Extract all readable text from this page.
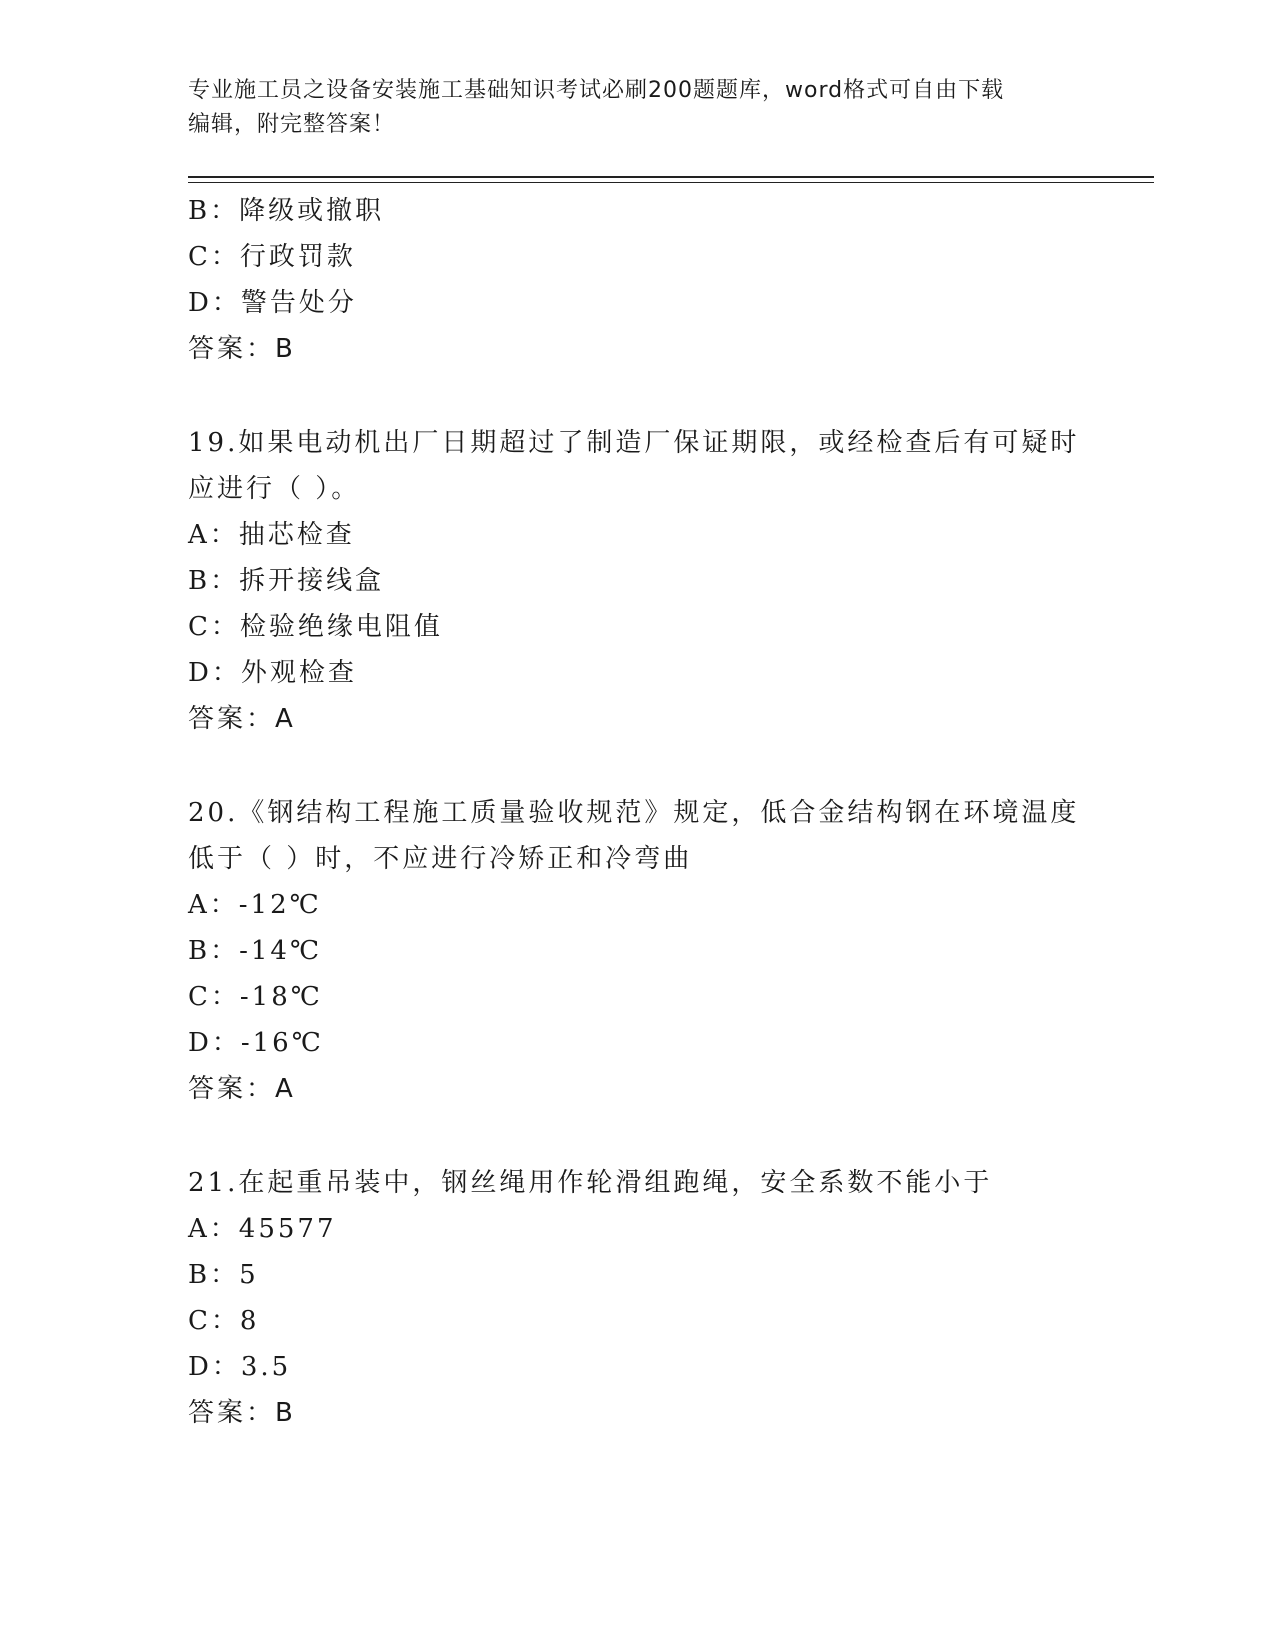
专业施工员之设备安装施工基础知识考试必刷200题题库，word格式可自由下载
编辑，附完整答案！
B：降级或撤职
C：行政罚款
D：警告处分
答案：B
19.如果电动机出厂日期超过了制造厂保证期限，或经检查后有可疑时
应进行（ ）。
A：抽芯检查
B：拆开接线盒
C：检验绝缘电阻值
D：外观检查
答案：A
20.《钢结构工程施工质量验收规范》规定，低合金结构钢在环境温度
低于（ ）时，不应进行冷矫正和冷弯曲
A：-12℃
B：-14℃
C：-18℃
D：-16℃
答案：A
21.在起重吊装中，钢丝绳用作轮滑组跑绳，安全系数不能小于
A：45577
B：5
C：8
D：3.5
答案：B
